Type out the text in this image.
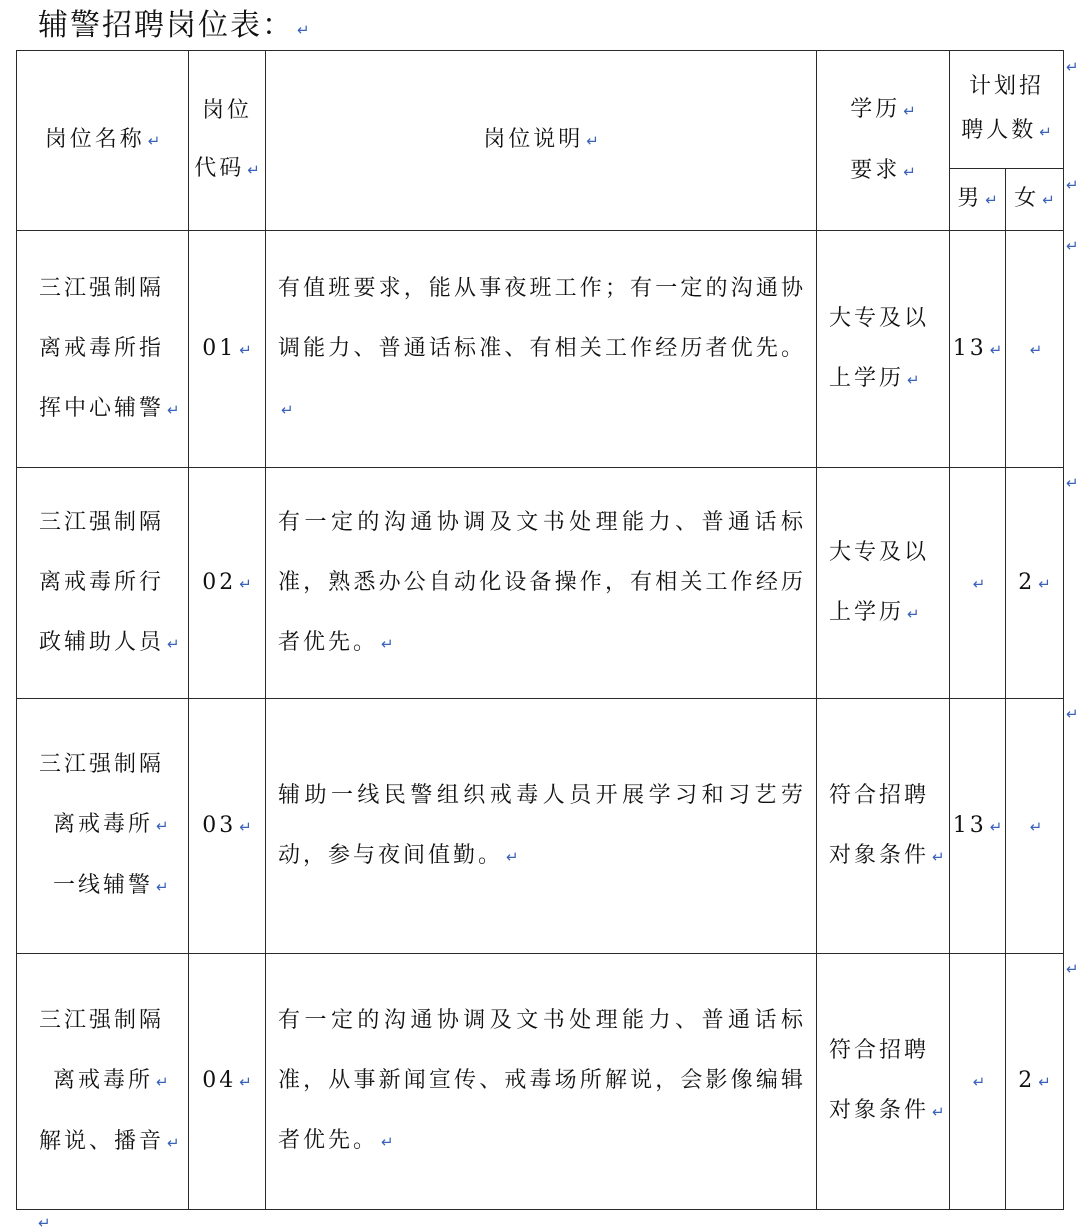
辅警招聘岗位表： ↵
岗位名称 ↵	岗位
代码 ↵	岗位说明 ↵	学历 ↵
要求 ↵	计划招
聘人数 ↵	
				男 ↵	女 ↵
三江强制隔
离戒毒所指
挥中心辅警 ↵	01 ↵	有值班要求，能从事夜班工作；有一定的沟通协调能力、普通话标准、有相关工作经历者优先。↵	大专及以
上学历 ↵	13 ↵	↵
三江强制隔
离戒毒所行
政辅助人员 ↵	02 ↵	有一定的沟通协调及文书处理能力、普通话标准，熟悉办公自动化设备操作，有相关工作经历者优先。 ↵	大专及以
上学历 ↵	↵	2 ↵
三江强制隔
离戒毒所 ↵
一线辅警 ↵	03 ↵	辅助一线民警组织戒毒人员开展学习和习艺劳动，参与夜间值勤。 ↵	符合招聘
对象条件 ↵	13 ↵	↵
三江强制隔
离戒毒所 ↵
解说、播音 ↵	04 ↵	有一定的沟通协调及文书处理能力、普通话标准，从事新闻宣传、戒毒场所解说，会影像编辑者优先。 ↵	符合招聘
对象条件 ↵	↵	2 ↵
↵
↵
↵
↵
↵
↵
↵
